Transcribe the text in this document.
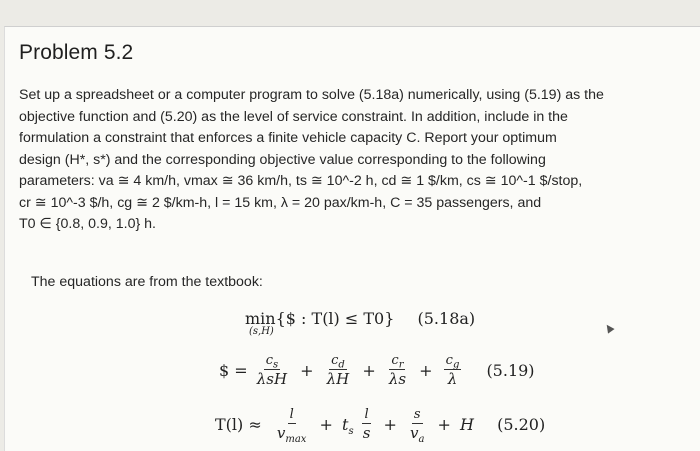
Problem 5.2
Set up a spreadsheet or a computer program to solve (5.18a) numerically, using (5.19) as the
objective function and (5.20) as the level of service constraint. In addition, include in the
formulation a constraint that enforces a finite vehicle capacity C. Report your optimum
design (H*, s*) and the corresponding objective value corresponding to the following
parameters: va ≅ 4 km/h, vmax ≅ 36 km/h, ts ≅ 10^-2 h, cd ≅ 1 $/km, cs ≅ 10^-1 $/stop,
cr ≅ 10^-3 $/h, cg ≅ 2 $/km-h, l = 15 km, λ = 20 pax/km-h, C = 35 passengers, and
T0 ∈ {0.8, 0.9, 1.0} h.
The equations are from the textbook:
min{$ : T(l) ≤ T0}
(s,H)
(5.18a)
$ = $\frac{c_s}{\text{λsH}} + \frac{c_d}{\lambda H} + \frac{c_r}{\lambda s} + \frac{c_g}{\lambda} (5.19)$
$T(l) \approx \frac{l}{v_{max}} + t_s \frac{l}{s} + \frac{s}{v_a} + H$ (5.20)
